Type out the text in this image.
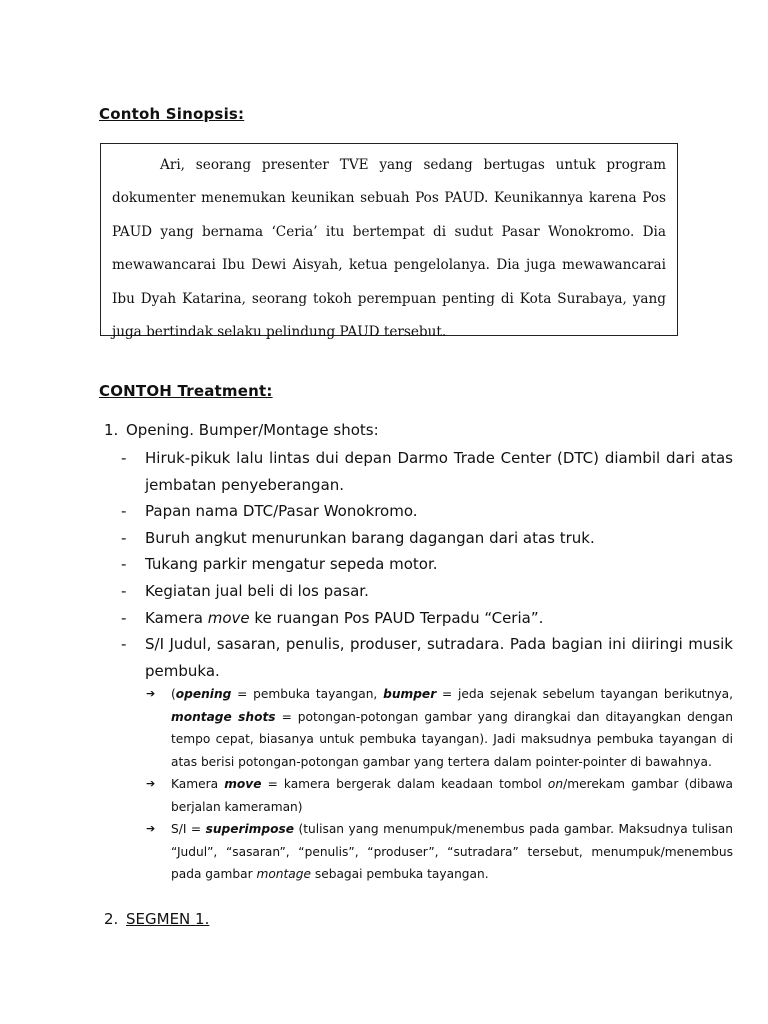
Contoh Sinopsis:

Ari, seorang presenter TVE yang sedang bertugas untuk program dokumenter menemukan keunikan sebuah Pos PAUD. Keunikannya karena Pos PAUD yang bernama ‘Ceria’ itu bertempat di sudut Pasar Wonokromo. Dia mewawancarai Ibu Dewi Aisyah, ketua pengelolanya. Dia juga mewawancarai Ibu Dyah Katarina, seorang tokoh perempuan penting di Kota Surabaya, yang juga bertindak selaku pelindung PAUD tersebut.

CONTOH Treatment:
1. Opening. Bumper/Montage shots:
- Hiruk-pikuk lalu lintas dui depan Darmo Trade Center (DTC) diambil dari atas jembatan penyeberangan.
- Papan nama DTC/Pasar Wonokromo.
- Buruh angkut menurunkan barang dagangan dari atas truk.
- Tukang parkir mengatur sepeda motor.
- Kegiatan jual beli di los pasar.
- Kamera move ke ruangan Pos PAUD Terpadu “Ceria”.
- S/I Judul, sasaran, penulis, produser, sutradara. Pada bagian ini diiringi musik pembuka.
➔ (opening = pembuka tayangan, bumper = jeda sejenak sebelum tayangan berikutnya, montage shots = potongan-potongan gambar yang dirangkai dan ditayangkan dengan tempo cepat, biasanya untuk pembuka tayangan). Jadi maksudnya pembuka tayangan di atas berisi potongan-potongan gambar yang tertera dalam pointer-pointer di bawahnya.
➔ Kamera move = kamera bergerak dalam keadaan tombol on/merekam gambar (dibawa berjalan kameraman)
➔ S/I = superimpose (tulisan yang menumpuk/menembus pada gambar. Maksudnya tulisan “Judul”, “sasaran”, “penulis”, “produser”, “sutradara” tersebut, menumpuk/menembus pada gambar montage sebagai pembuka tayangan.
2. SEGMEN 1.
